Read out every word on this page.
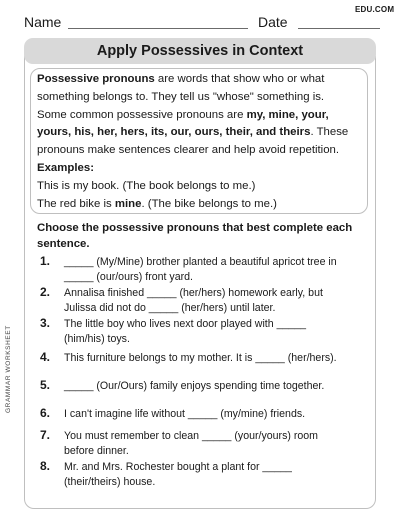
Name	Date
EDU.COM
Apply Possessives in Context
Possessive pronouns are words that show who or what
something belongs to. They tell us "whose" something is.
Some common possessive pronouns are my, mine, your,
yours, his, her, hers, its, our, ours, their, and theirs. These
pronouns make sentences clearer and help avoid repetition.
Examples:
This is my book. (The book belongs to me.)
The red bike is mine. (The bike belongs to me.)
Choose the possessive pronouns that best complete each
sentence.
1. _____ (My/Mine) brother planted a beautiful apricot tree in
_____ (our/ours) front yard.
2. Annalisa finished _____ (her/hers) homework early, but
Julissa did not do _____ (her/hers) until later.
3. The little boy who lives next door played with _____
(him/his) toys.
4. This furniture belongs to my mother. It is _____ (her/hers).
5. _____ (Our/Ours) family enjoys spending time together.
6. I can't imagine life without _____ (my/mine) friends.
7. You must remember to clean _____ (your/yours) room
before dinner.
8. Mr. and Mrs. Rochester bought a plant for _____
(their/theirs) house.
GRAMMAR WORKSHEET
